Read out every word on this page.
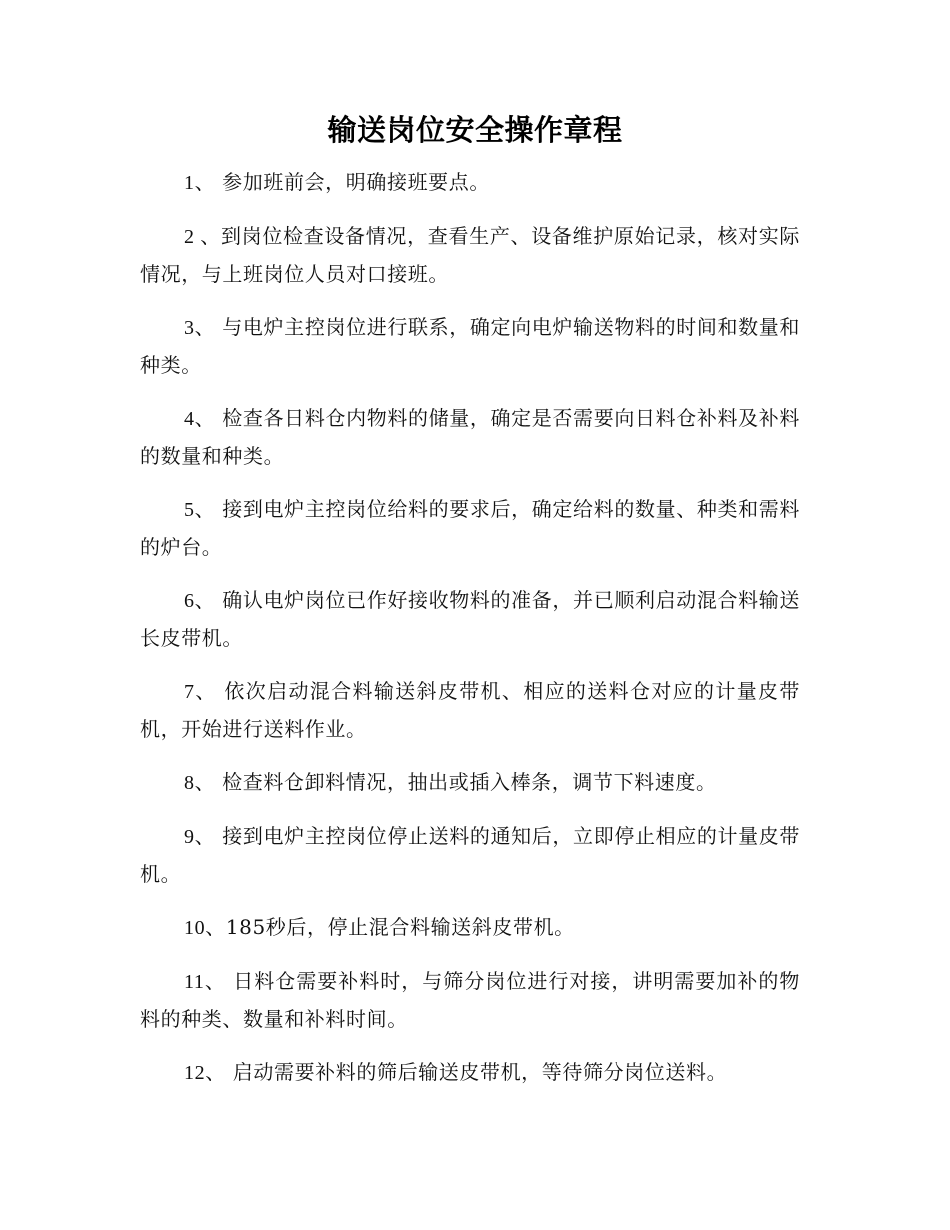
输送岗位安全操作章程

1、 参加班前会，明确接班要点。

2 、到岗位检查设备情况，查看生产、设备维护原始记录，核对实际情况，与上班岗位人员对口接班。

3、 与电炉主控岗位进行联系，确定向电炉输送物料的时间和数量和种类。

4、 检查各日料仓内物料的储量，确定是否需要向日料仓补料及补料的数量和种类。

5、 接到电炉主控岗位给料的要求后，确定给料的数量、种类和需料的炉台。

6、 确认电炉岗位已作好接收物料的准备，并已顺利启动混合料输送长皮带机。

7、 依次启动混合料输送斜皮带机、相应的送料仓对应的计量皮带机，开始进行送料作业。

8、 检查料仓卸料情况，抽出或插入棒条，调节下料速度。

9、 接到电炉主控岗位停止送料的通知后，立即停止相应的计量皮带机。

10、185秒后，停止混合料输送斜皮带机。

11、 日料仓需要补料时，与筛分岗位进行对接，讲明需要加补的物料的种类、数量和补料时间。

12、 启动需要补料的筛后输送皮带机，等待筛分岗位送料。
